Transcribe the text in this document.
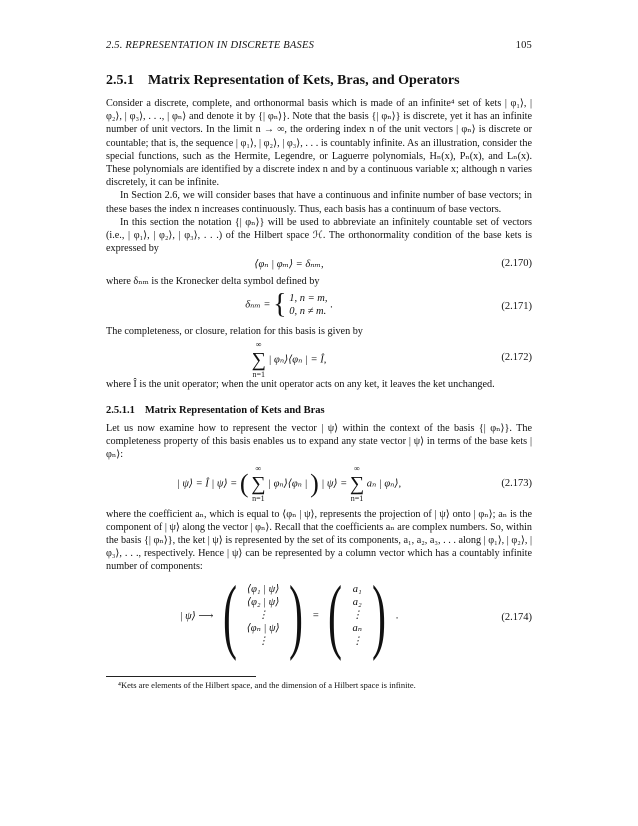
2.5. REPRESENTATION IN DISCRETE BASES	105
2.5.1 Matrix Representation of Kets, Bras, and Operators

Consider a discrete, complete, and orthonormal basis which is made of an infinite⁴ set of kets | φ₁⟩, | φ₂⟩, | φ₃⟩, . . ., | φₙ⟩ and denote it by {| φₙ⟩}. Note that the basis {| φₙ⟩} is discrete, yet it has an infinite number of unit vectors. In the limit n → ∞, the ordering index n of the unit vectors | φₙ⟩ is discrete or countable; that is, the sequence | φ₁⟩, | φ₂⟩, | φ₃⟩, . . . is countably infinite. As an illustration, consider the special functions, such as the Hermite, Legendre, or Laguerre polynomials, Hₙ(x), Pₙ(x), and Lₙ(x). These polynomials are identified by a discrete index n and by a continuous variable x; although n varies discretely, it can be infinite.

In Section 2.6, we will consider bases that have a continuous and infinite number of base vectors; in these bases the index n increases continuously. Thus, each basis has a continuum of base vectors.

In this section the notation {| φₙ⟩} will be used to abbreviate an infinitely countable set of vectors (i.e., | φ₁⟩, | φ₂⟩, | φ₃⟩, . . .) of the Hilbert space ℋ. The orthonormality condition of the base kets is expressed by

⟨φₙ | φₘ⟩ = δₙₘ,	(2.170)

where δₙₘ is the Kronecker delta symbol defined by

δₙₘ = { 1, n = m,
0, n ≠ m. .	(2.171)

The completeness, or closure, relation for this basis is given by

∞
∑
n=1 | φₙ⟩⟨φₙ | = Î,	(2.172)

where Î is the unit operator; when the unit operator acts on any ket, it leaves the ket unchanged.

2.5.1.1 Matrix Representation of Kets and Bras

Let us now examine how to represent the vector | ψ⟩ within the context of the basis {| φₙ⟩}. The completeness property of this basis enables us to expand any state vector | ψ⟩ in terms of the base kets | φₙ⟩:

| ψ⟩ = Î | ψ⟩ = ( ∞
∑
n=1 | φₙ⟩⟨φₙ | ) | ψ⟩ = ∞
∑
n=1 aₙ | φₙ⟩,	(2.173)

where the coefficient aₙ, which is equal to ⟨φₙ | ψ⟩, represents the projection of | ψ⟩ onto | φₙ⟩; aₙ is the component of | ψ⟩ along the vector | φₙ⟩. Recall that the coefficients aₙ are complex numbers. So, within the basis {| φₙ⟩}, the ket | ψ⟩ is represented by the set of its components, a₁, a₂, a₃, . . . along | φ₁⟩, | φ₂⟩, | φ₃⟩, . . ., respectively. Hence | ψ⟩ can be represented by a column vector which has a countably infinite number of components:

| ψ⟩ ⟶ ( ⟨φ₁ | ψ⟩
⟨φ₂ | ψ⟩
⋮
⟨φₙ | ψ⟩
⋮ ) = ( a₁
a₂
⋮
aₙ
⋮ ) .	(2.174)
⁴Kets are elements of the Hilbert space, and the dimension of a Hilbert space is infinite.
